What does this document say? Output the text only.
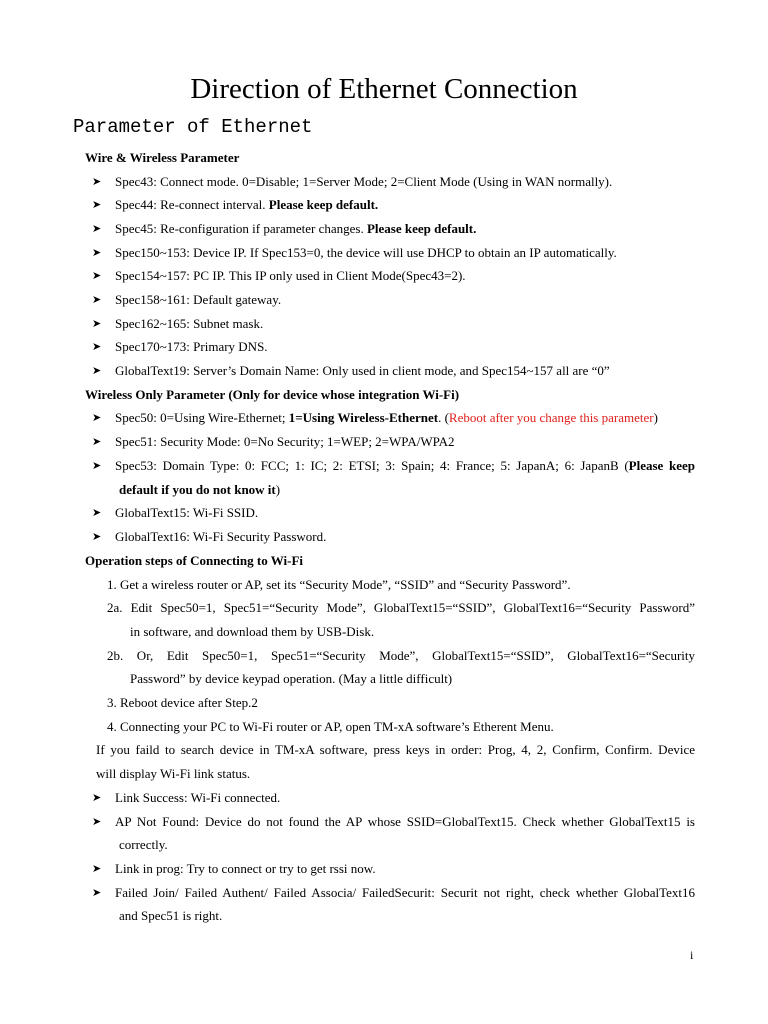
Direction of Ethernet Connection
Parameter of Ethernet
Wire & Wireless Parameter
➤ Spec43: Connect mode. 0=Disable; 1=Server Mode; 2=Client Mode (Using in WAN normally).
➤ Spec44: Re-connect interval. Please keep default.
➤ Spec45: Re-configuration if parameter changes. Please keep default.
➤ Spec150~153: Device IP. If Spec153=0, the device will use DHCP to obtain an IP automatically.
➤ Spec154~157: PC IP. This IP only used in Client Mode(Spec43=2).
➤ Spec158~161: Default gateway.
➤ Spec162~165: Subnet mask.
➤ Spec170~173: Primary DNS.
➤ GlobalText19: Server’s Domain Name: Only used in client mode, and Spec154~157 all are “0”
Wireless Only Parameter (Only for device whose integration Wi-Fi)
➤ Spec50: 0=Using Wire-Ethernet; 1=Using Wireless-Ethernet. (Reboot after you change this parameter)
➤ Spec51: Security Mode: 0=No Security; 1=WEP; 2=WPA/WPA2
➤ Spec53: Domain Type: 0: FCC; 1: IC; 2: ETSI; 3: Spain; 4: France; 5: JapanA; 6: JapanB (Please keep
default if you do not know it)
➤ GlobalText15: Wi-Fi SSID.
➤ GlobalText16: Wi-Fi Security Password.
Operation steps of Connecting to Wi-Fi
1. Get a wireless router or AP, set its “Security Mode”, “SSID” and “Security Password”.
2a. Edit Spec50=1, Spec51=“Security Mode”, GlobalText15=“SSID”, GlobalText16=“Security Password”
in software, and download them by USB-Disk.
2b. Or, Edit Spec50=1, Spec51=“Security Mode”, GlobalText15=“SSID”, GlobalText16=“Security
Password” by device keypad operation. (May a little difficult)
3. Reboot device after Step.2
4. Connecting your PC to Wi-Fi router or AP, open TM-xA software’s Etherent Menu.
If you faild to search device in TM-xA software, press keys in order: Prog, 4, 2, Confirm, Confirm. Device
will display Wi-Fi link status.
➤ Link Success: Wi-Fi connected.
➤ AP Not Found: Device do not found the AP whose SSID=GlobalText15. Check whether GlobalText15 is
correctly.
➤ Link in prog: Try to connect or try to get rssi now.
➤ Failed Join/ Failed Authent/ Failed Associa/ FailedSecurit: Securit not right, check whether GlobalText16
and Spec51 is right.
i
